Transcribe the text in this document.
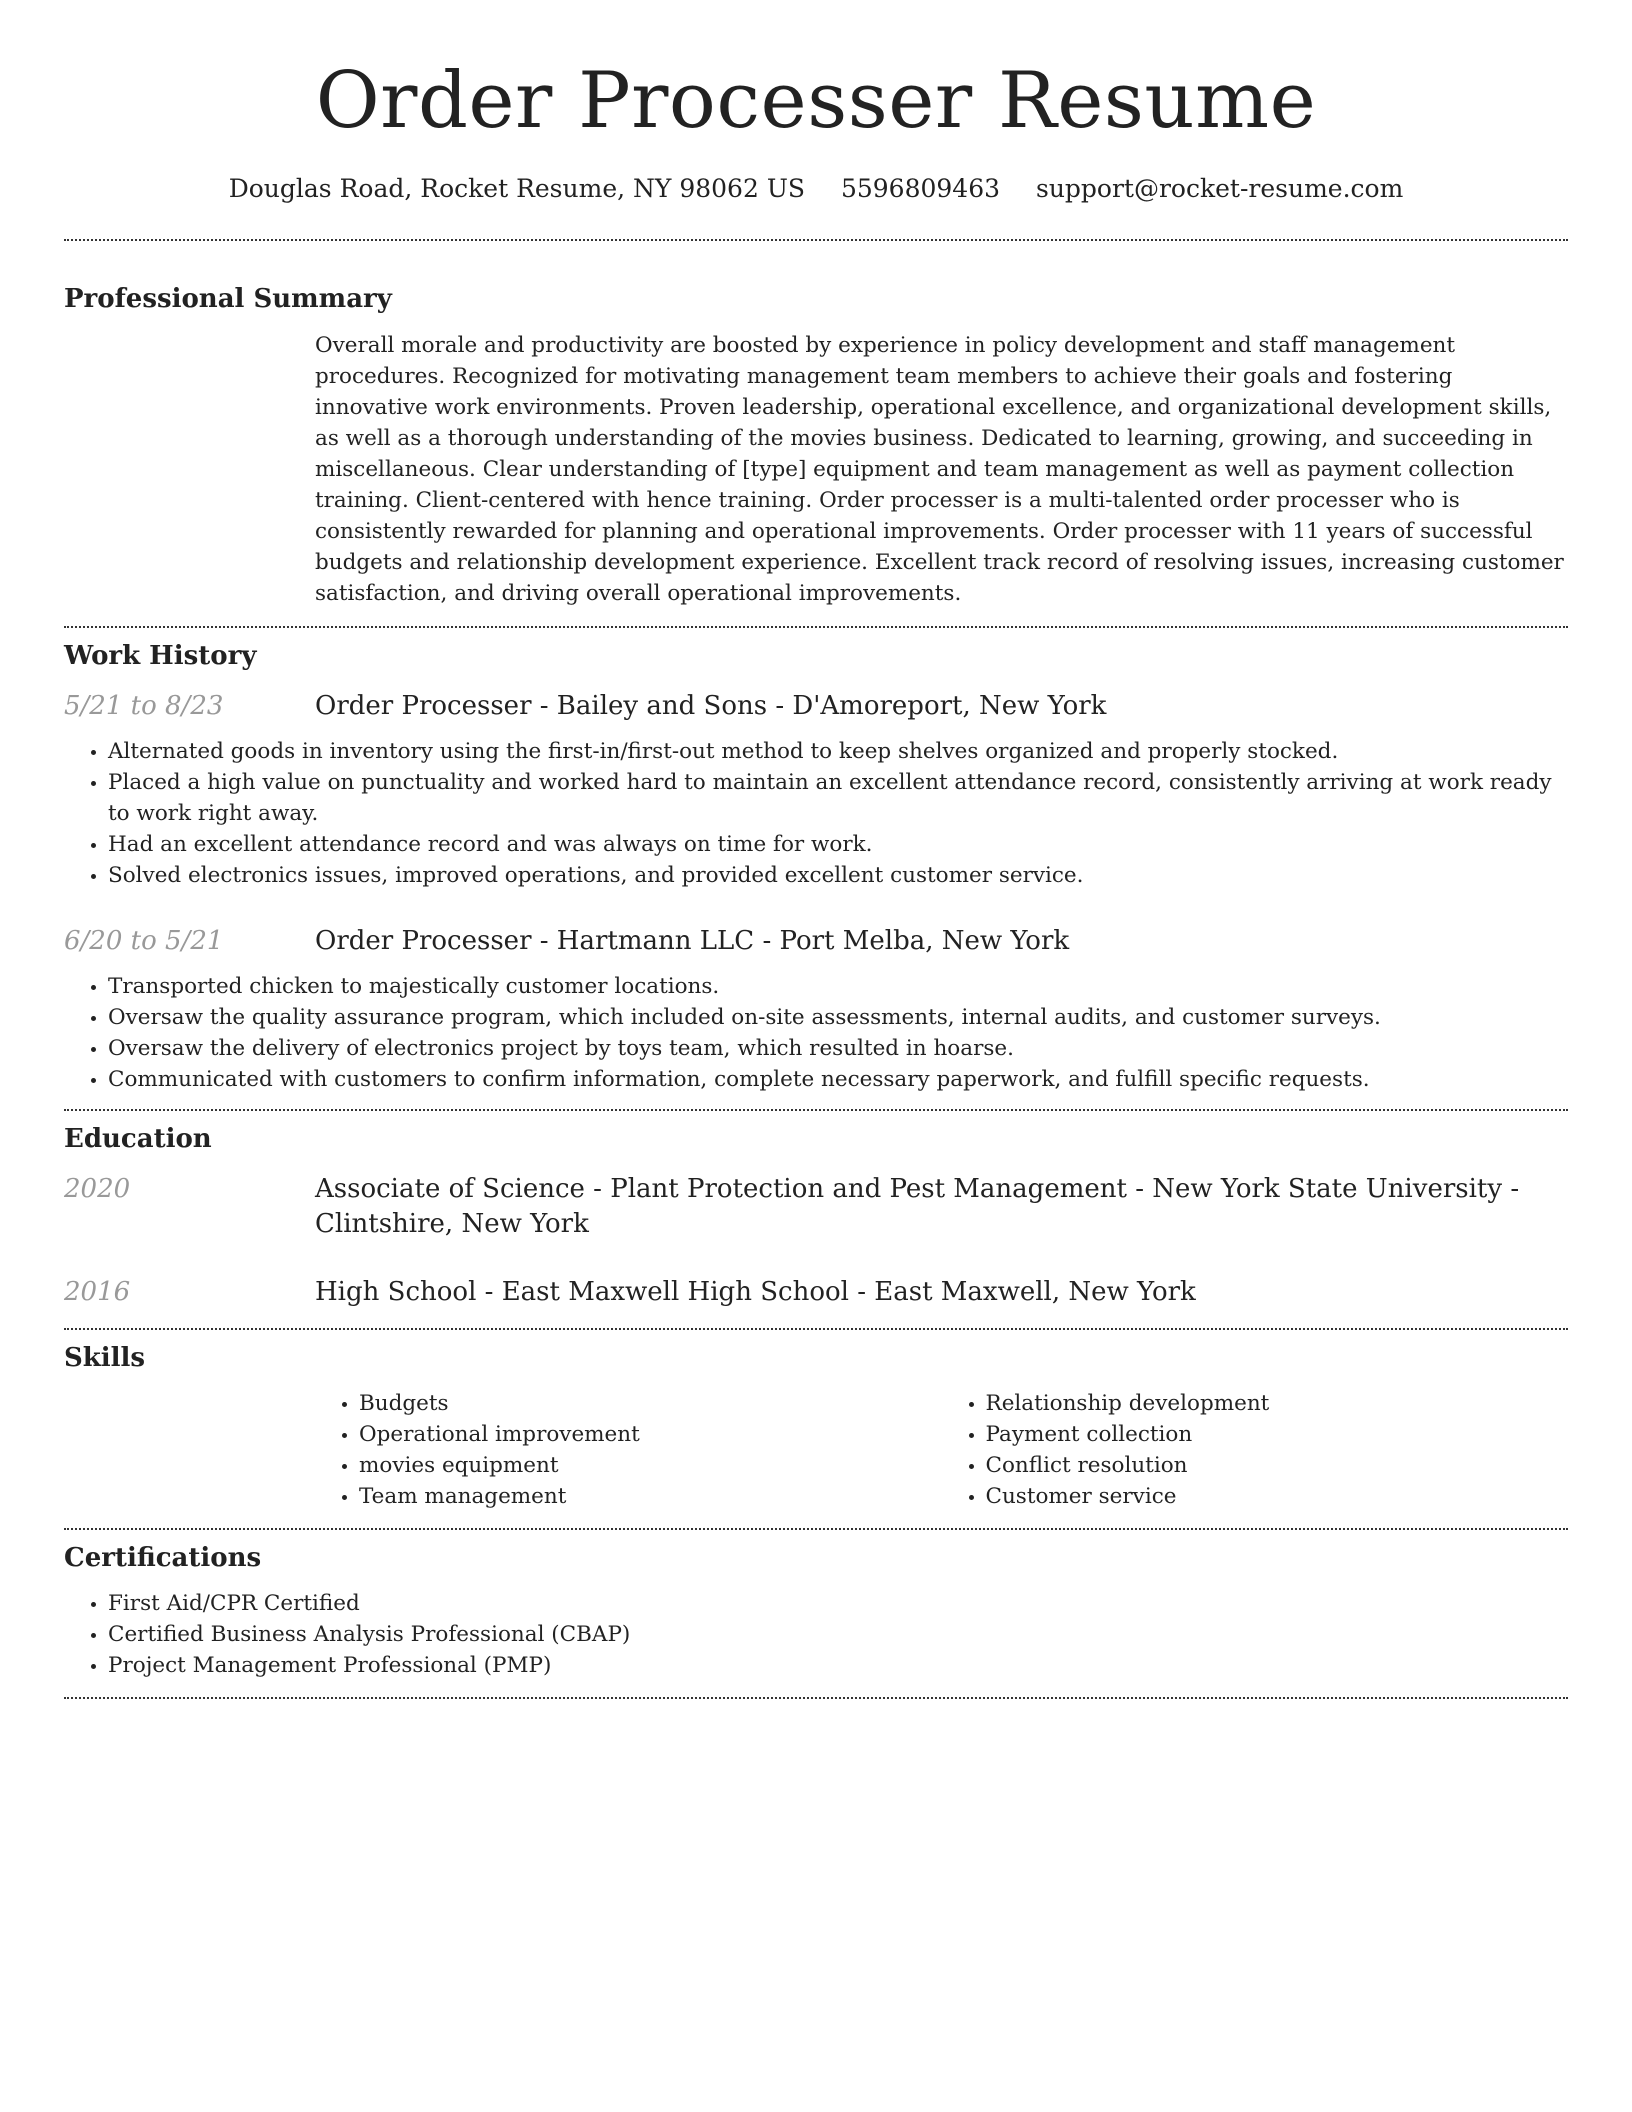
Order Processer Resume
Douglas Road, Rocket Resume, NY 98062 US 5596809463 support@rocket-resume.com
Professional Summary
Overall morale and productivity are boosted by experience in policy development and staff management procedures. Recognized for motivating management team members to achieve their goals and fostering innovative work environments. Proven leadership, operational excellence, and organizational development skills, as well as a thorough understanding of the movies business. Dedicated to learning, growing, and succeeding in miscellaneous. Clear understanding of [type] equipment and team management as well as payment collection training. Client-centered with hence training. Order processer is a multi-talented order processer who is consistently rewarded for planning and operational improvements. Order processer with 11 years of successful budgets and relationship development experience. Excellent track record of resolving issues, increasing customer satisfaction, and driving overall operational improvements.
Work History
5/21 to 8/23	Order Processer - Bailey and Sons - D'Amoreport, New York
• Alternated goods in inventory using the first-in/first-out method to keep shelves organized and properly stocked.
• Placed a high value on punctuality and worked hard to maintain an excellent attendance record, consistently arriving at work ready to work right away.
• Had an excellent attendance record and was always on time for work.
• Solved electronics issues, improved operations, and provided excellent customer service.
6/20 to 5/21	Order Processer - Hartmann LLC - Port Melba, New York
• Transported chicken to majestically customer locations.
• Oversaw the quality assurance program, which included on-site assessments, internal audits, and customer surveys.
• Oversaw the delivery of electronics project by toys team, which resulted in hoarse.
• Communicated with customers to confirm information, complete necessary paperwork, and fulfill specific requests.
Education
2020	Associate of Science - Plant Protection and Pest Management - New York State University - Clintshire, New York
2016	High School - East Maxwell High School - East Maxwell, New York
Skills
• Budgets
• Operational improvement
• movies equipment
• Team management
• Relationship development
• Payment collection
• Conflict resolution
• Customer service
Certifications
• First Aid/CPR Certified
• Certified Business Analysis Professional (CBAP)
• Project Management Professional (PMP)
